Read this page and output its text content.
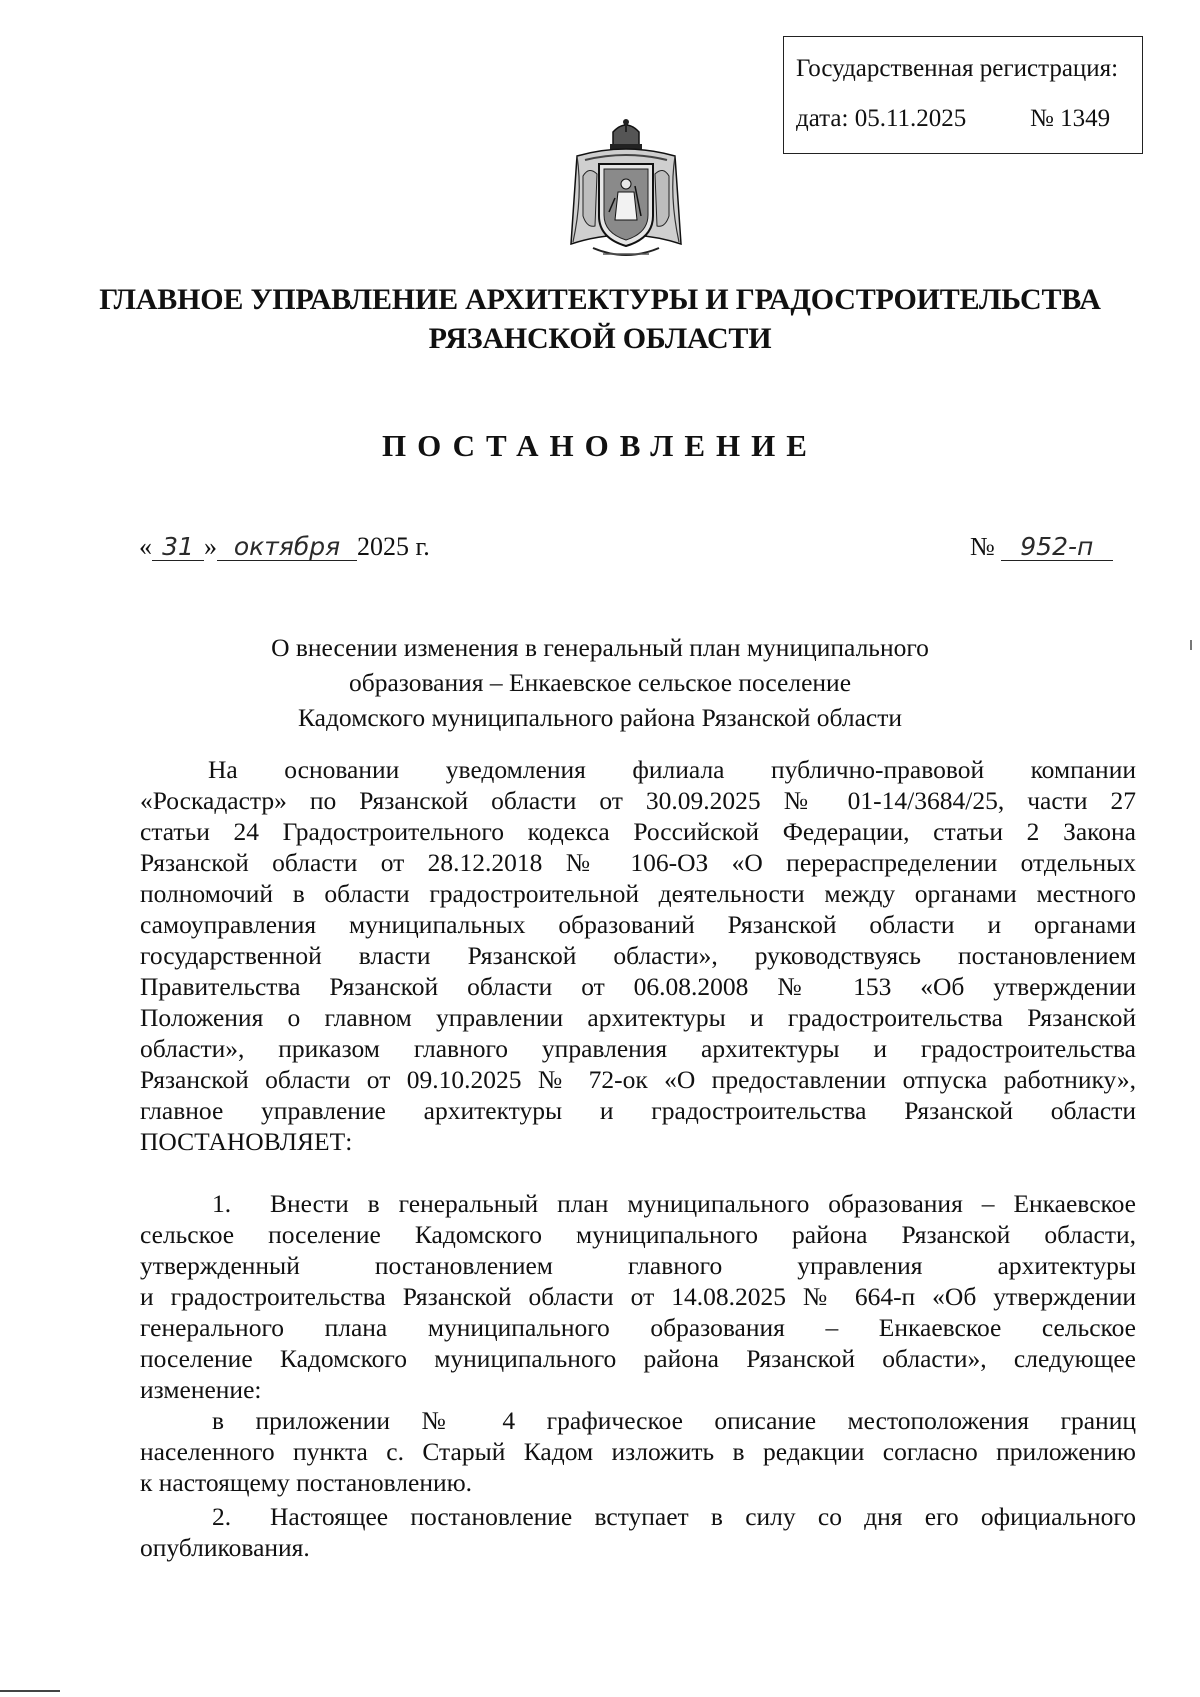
Государственная регистрация:
дата: 05.11.2025	№ 1349
ГЛАВНОЕ УПРАВЛЕНИЕ АРХИТЕКТУРЫ И ГРАДОСТРОИТЕЛЬСТВА
РЯЗАНСКОЙ ОБЛАСТИ
ПОСТАНОВЛЕНИЕ
« 31 » октября 2025 г.	№ 952-п
О внесении изменения в генеральный план муниципального
образования – Енкаевское сельское поселение
Кадомского муниципального района Рязанской области
На основании уведомления филиала публично-правовой компании
«Роскадастр» по Рязанской области от 30.09.2025 № 01-14/3684/25, части 27
статьи 24 Градостроительного кодекса Российской Федерации, статьи 2 Закона
Рязанской области от 28.12.2018 № 106-ОЗ «О перераспределении отдельных
полномочий в области градостроительной деятельности между органами местного
самоуправления муниципальных образований Рязанской области и органами
государственной власти Рязанской области», руководствуясь постановлением
Правительства Рязанской области от 06.08.2008 № 153 «Об утверждении
Положения о главном управлении архитектуры и градостроительства Рязанской
области», приказом главного управления архитектуры и градостроительства
Рязанской области от 09.10.2025 № 72-ок «О предоставлении отпуска работнику»,
главное управление архитектуры и градостроительства Рязанской области
ПОСТАНОВЛЯЕТ:
1.	Внести в генеральный план муниципального образования – Енкаевское
сельское поселение Кадомского муниципального района Рязанской области,
утвержденный постановлением главного управления архитектуры
и градостроительства Рязанской области от 14.08.2025 № 664-п «Об утверждении
генерального плана муниципального образования – Енкаевское сельское
поселение Кадомского муниципального района Рязанской области», следующее
изменение:
в приложении № 4 графическое описание местоположения границ
населенного пункта с. Старый Кадом изложить в редакции согласно приложению
к настоящему постановлению.
2.	Настоящее постановление вступает в силу со дня его официального
опубликования.
